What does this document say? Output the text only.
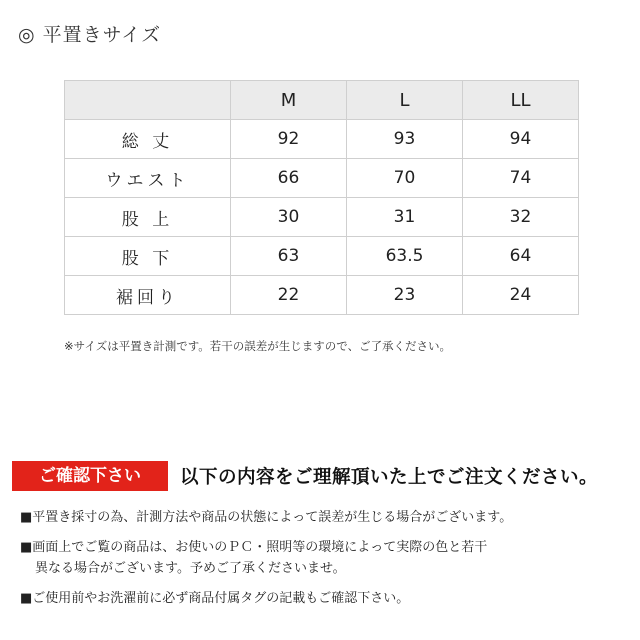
◎ 平置きサイズ
	M	L	LL
総 丈	92	93	94
ウエスト	66	70	74
股 上	30	31	32
股 下	63	63.5	64
裾回り	22	23	24
※サイズは平置き計測です。若干の誤差が生じますので、ご了承ください。
ご確認下さい	以下の内容をご理解頂いた上でご注文ください。
■平置き採寸の為、計測方法や商品の状態によって誤差が生じる場合がございます。
■画面上でご覧の商品は、お使いのＰＣ・照明等の環境によって実際の色と若干
異なる場合がございます。予めご了承くださいませ。
■ご使用前やお洗濯前に必ず商品付属タグの記載もご確認下さい。
